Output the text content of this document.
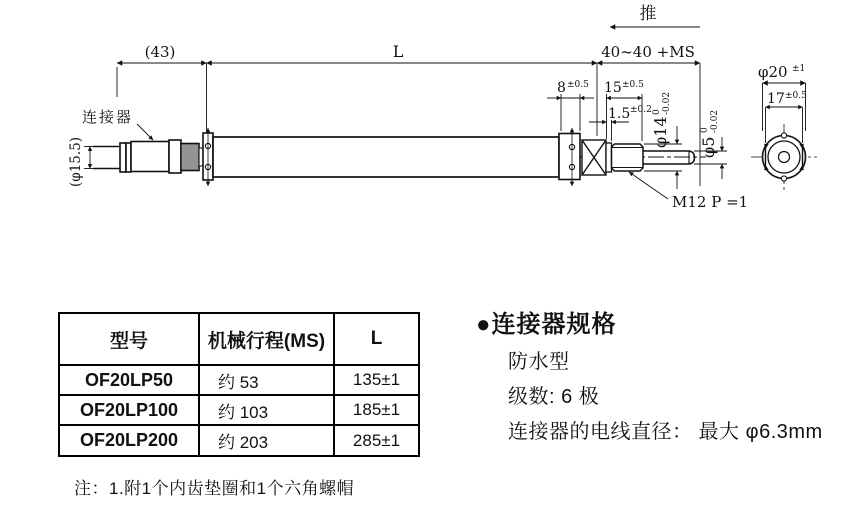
(43)	L	40~40 +MS
推
连接器
M12 P =1
8 ±0.5 15 ±0.5
1.5 ±0.2
φ14
0 -0.02
φ5
0 -0.02
(φ15.5)
φ20 ±1
17 ±0.5
型号	机械行程(MS)	L
OF20LP50	约 53	135±1
OF20LP100	约 103	185±1
OF20LP200	约 203	285±1
注：1.附1个内齿垫圈和1个六角螺帽
●连接器规格
防水型
级数: 6 极
连接器的电线直径： 最大 φ6.3mm
